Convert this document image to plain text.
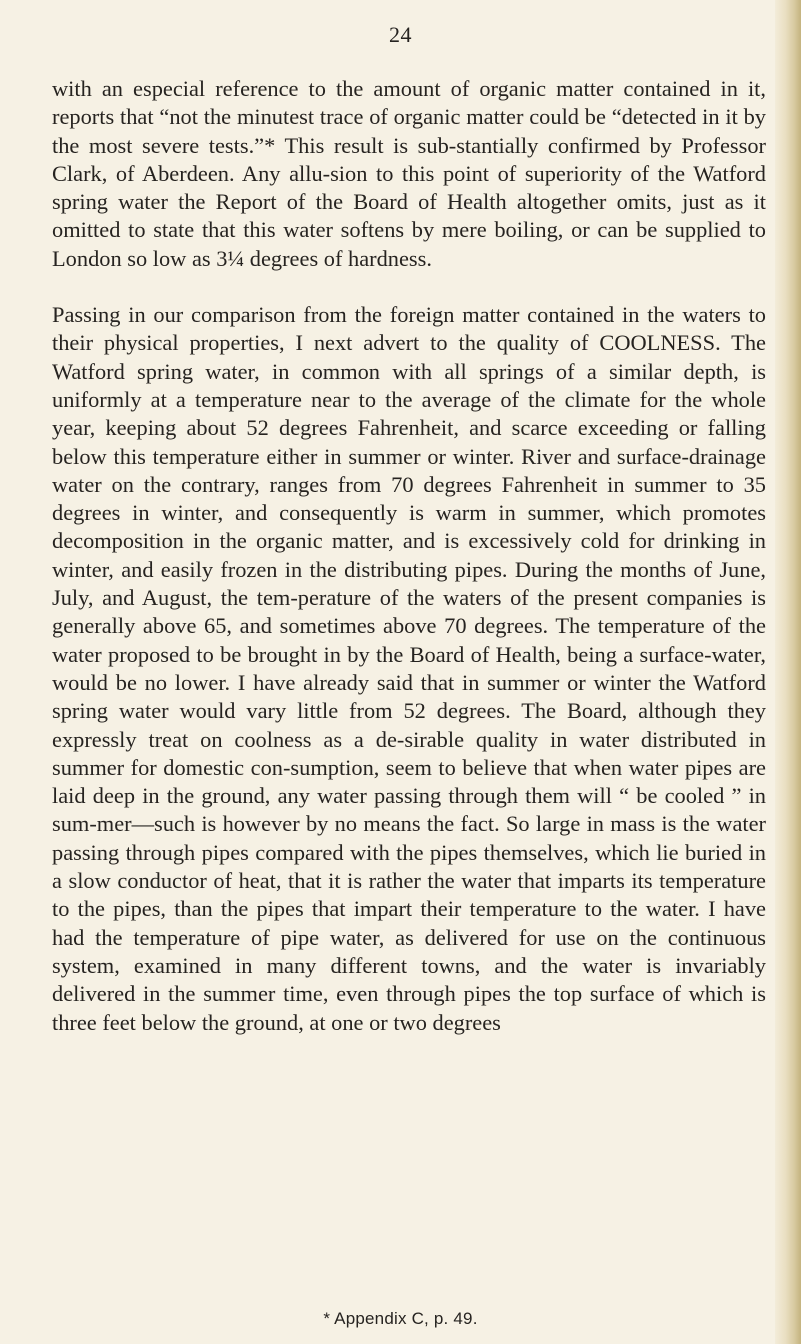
24

with an especial reference to the amount of organic matter contained in it, reports that “not the minutest trace of organic matter could be “detected in it by the most severe tests.”* This result is sub-stantially confirmed by Professor Clark, of Aberdeen. Any allu-sion to this point of superiority of the Watford spring water the Report of the Board of Health altogether omits, just as it omitted to state that this water softens by mere boiling, or can be supplied to London so low as 3¼ degrees of hardness.

Passing in our comparison from the foreign matter contained in the waters to their physical properties, I next advert to the quality of COOLNESS. The Watford spring water, in common with all springs of a similar depth, is uniformly at a temperature near to the average of the climate for the whole year, keeping about 52 degrees Fahrenheit, and scarce exceeding or falling below this temperature either in summer or winter. River and surface-drainage water on the contrary, ranges from 70 degrees Fahrenheit in summer to 35 degrees in winter, and consequently is warm in summer, which promotes decomposition in the organic matter, and is excessively cold for drinking in winter, and easily frozen in the distributing pipes. During the months of June, July, and August, the tem-perature of the waters of the present companies is generally above 65, and sometimes above 70 degrees. The temperature of the water proposed to be brought in by the Board of Health, being a surface-water, would be no lower. I have already said that in summer or winter the Watford spring water would vary little from 52 degrees. The Board, although they expressly treat on coolness as a de-sirable quality in water distributed in summer for domestic con-sumption, seem to believe that when water pipes are laid deep in the ground, any water passing through them will “ be cooled ” in sum-mer—such is however by no means the fact. So large in mass is the water passing through pipes compared with the pipes themselves, which lie buried in a slow conductor of heat, that it is rather the water that imparts its temperature to the pipes, than the pipes that impart their temperature to the water. I have had the temperature of pipe water, as delivered for use on the continuous system, examined in many different towns, and the water is invariably delivered in the summer time, even through pipes the top surface of which is three feet below the ground, at one or two degrees

* Appendix C, p. 49.
